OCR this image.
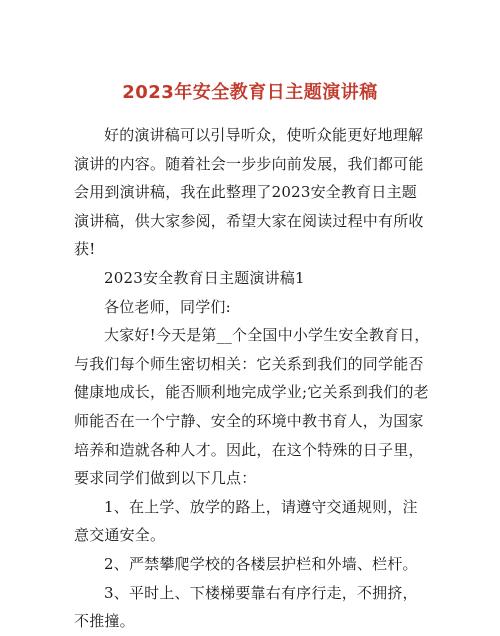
2023年安全教育日主题演讲稿

好的演讲稿可以引导听众，使听众能更好地理解演讲的内容。随着社会一步步向前发展，我们都可能会用到演讲稿，我在此整理了2023安全教育日主题演讲稿，供大家参阅，希望大家在阅读过程中有所收获!

2023安全教育日主题演讲稿1

各位老师，同学们:

大家好!今天是第__个全国中小学生安全教育日，与我们每个师生密切相关：它关系到我们的同学能否健康地成长，能否顺利地完成学业;它关系到我们的老师能否在一个宁静、安全的环境中教书育人，为国家培养和造就各种人才。因此，在这个特殊的日子里，要求同学们做到以下几点：

1、在上学、放学的路上，请遵守交通规则，注意交通安全。

2、严禁攀爬学校的各楼层护栏和外墙、栏杆。

3、平时上、下楼梯要靠右有序行走，不拥挤，不推撞。
